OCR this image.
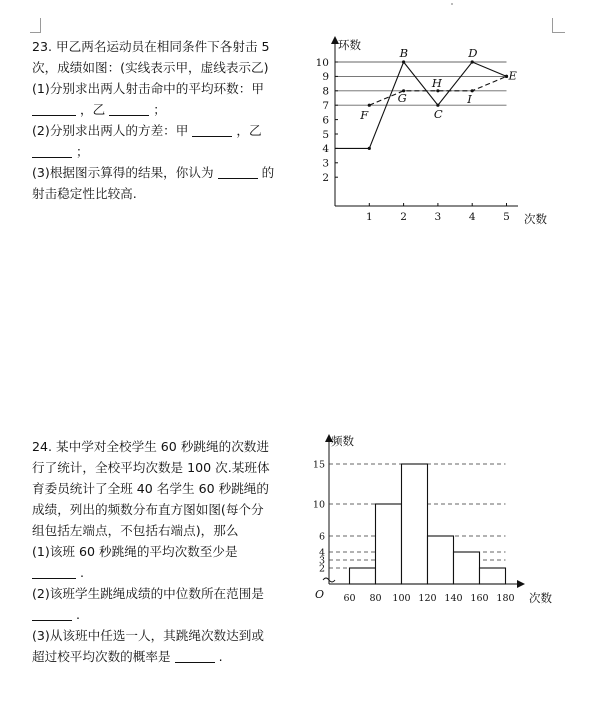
23. 甲乙两名运动员在相同条件下各射击 5
次，成绩如图：(实线表示甲，虚线表示乙)
(1)分别求出两人射击命中的平均环数：甲
，乙	；
(2)分别求出两人的方差：甲	，乙
；
(3)根据图示算得的结果，你认为	的
射击稳定性比较高.
环数
次数
2
3
4
5
6
7
8
9
10
1	2	3	4	5
B	D
E
H
G	I
C
F
24. 某中学对全校学生 60 秒跳绳的次数进
行了统计，全校平均次数是 100 次.某班体
育委员统计了全班 40 名学生 60 秒跳绳的
成绩，列出的频数分布直方图如图(每个分
组包括左端点，不包括右端点)，那么
(1)该班 60 秒跳绳的平均次数至少是
.
(2)该班学生跳绳成绩的中位数所在范围是
.
(3)从该班中任选一人，其跳绳次数达到或
超过校平均次数的概率是	.
频数
次数
O
2
3
4
6
10
15
60 80 100 120 140 160 180
